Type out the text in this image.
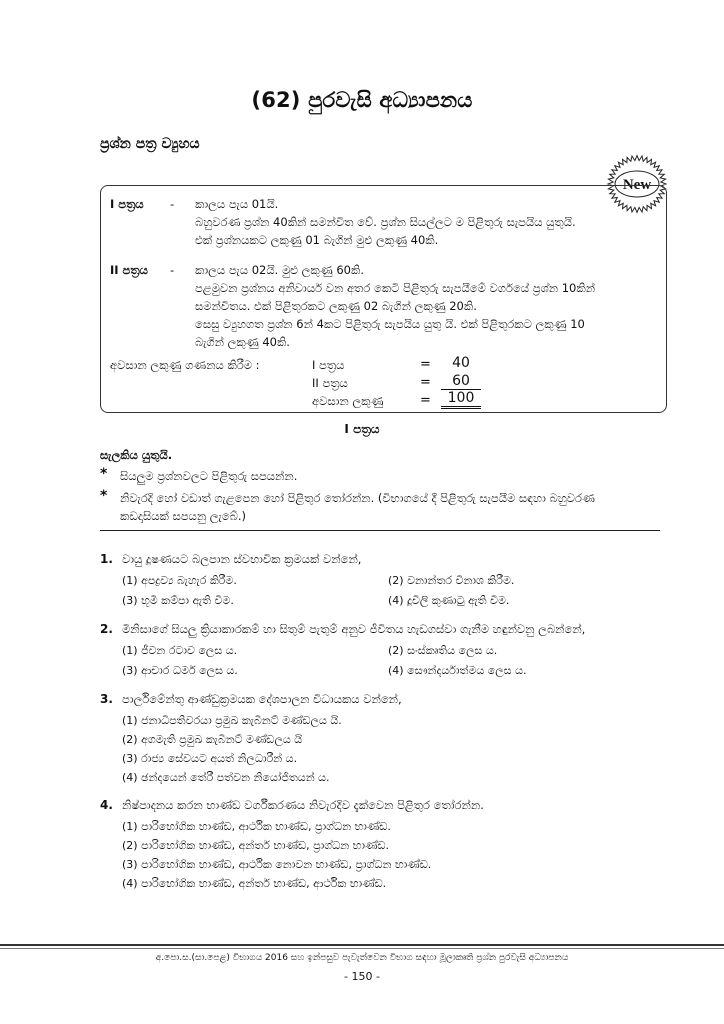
(62) පුරවැසි අධ්‍යාපනය
ප්‍රශ්න පත්‍ර ව්‍යුහය
New
I පත්‍රය	- කාලය පැය 01යි.
බහුවරණ ප්‍රශ්න 40කින් සමන්විත වේ. ප්‍රශ්න සියල්ලට ම පිළිතුරු සැපයිය යුතුයි.
එක් ප්‍රශ්නයකට ලකුණු 01 බැගින් මුළු ලකුණු 40කි.
II පත්‍රය	- කාලය පැය 02යි. මුළු ලකුණු 60කි.
පළමුවන ප්‍රශ්නය අනිවාර්ය වන අතර කෙටි පිළිතුරු සැපයීමේ වර්ගයේ ප්‍රශ්න 10කින්
සමන්විතය. එක් පිළිතුරකට ලකුණු 02 බැගින් ලකුණු 20කි.
සෙසු ව්‍යුහගත ප්‍රශ්න 6න් 4කට පිළිතුරු සැපයිය යුතු යි. එක් පිළිතුරකට ලකුණු 10
බැගින් ලකුණු 40කි.
අවසාන ලකුණු ගණනය කිරීම :	I පත්‍රය	=	40
II පත්‍රය	=	60
අවසාන ලකුණු	=	100
I පත්‍රය
සැලකිය යුතුයි.
* සියලුම ප්‍රශ්නවලට පිළිතුරු සපයන්න.
* නිවැරදි හෝ වඩාත් ගැළපෙන හෝ පිළිතුර තෝරන්න. (විභාගයේ දී පිළිතුරු සැපයීම සඳහා බහුවරණ
කඩදාසියක් සපයනු ලැබේ.)
1. වායු දූෂණයට බලපාන ස්වභාවික ක්‍රමයක් වන්නේ,
(1) අපද්‍රව්‍ය බැහැර කිරීම.	(2) වනාන්තර විනාශ කිරීම.
(3) භූමි කම්පා ඇති වීම.	(4) දූවිලි කුණාටු ඇති වීම.
2. මිනිසාගේ සියලු ක්‍රියාකාරකම් හා සිතුම් පැතුම් අනුව ජීවිතය හැඩගස්වා ගැනීම හඳුන්වනු ලබන්නේ,
(1) ජීවන රටාව ලෙස ය.	(2) සංස්කෘතිය ලෙස ය.
(3) ආචාර ධර්ම ලෙස ය.	(4) සෞන්දර්යාත්මය ලෙස ය.
3. පාර්ලිමේන්තු ආණ්ඩුක්‍රමයක දේශපාලන විධායකය වන්නේ,
(1) ජනාධිපතිවරයා ප්‍රමුඛ කැබිනට් මණ්ඩලය යි.
(2) අගමැති ප්‍රමුඛ කැබිනට් මණ්ඩලය යි
(3) රාජ්‍ය සේවයට අයත් නිලධාරීන් ය.
(4) ඡන්දයෙන් තේරී පත්වන නියෝජිතයන් ය.
4. නිෂ්පාදනය කරන භාණ්ඩ වර්ගීකරණය නිවැරදිව දැක්වෙන පිළිතුර තෝරන්න.
(1) පාරිභෝගික භාණ්ඩ, ආර්ථික භාණ්ඩ, ප්‍රාග්ධන භාණ්ඩ.
(2) පාරිභෝගික භාණ්ඩ, අන්තර් භාණ්ඩ, ප්‍රාග්ධන භාණ්ඩ.
(3) පාරිභෝගික භාණ්ඩ, ආර්ථික නොවන භාණ්ඩ, ප්‍රාග්ධන භාණ්ඩ.
(4) පාරිභෝගික භාණ්ඩ, අන්තර් භාණ්ඩ, ආර්ථික භාණ්ඩ.
අ.පො.ස.(සා.පෙළ) විභාගය 2016 සහ ඉන්පසුව පැවැත්වෙන විභාග සඳහා මූලාකෘති ප්‍රශ්න පුරවැසි අධ්‍යාපනය
- 150 -
